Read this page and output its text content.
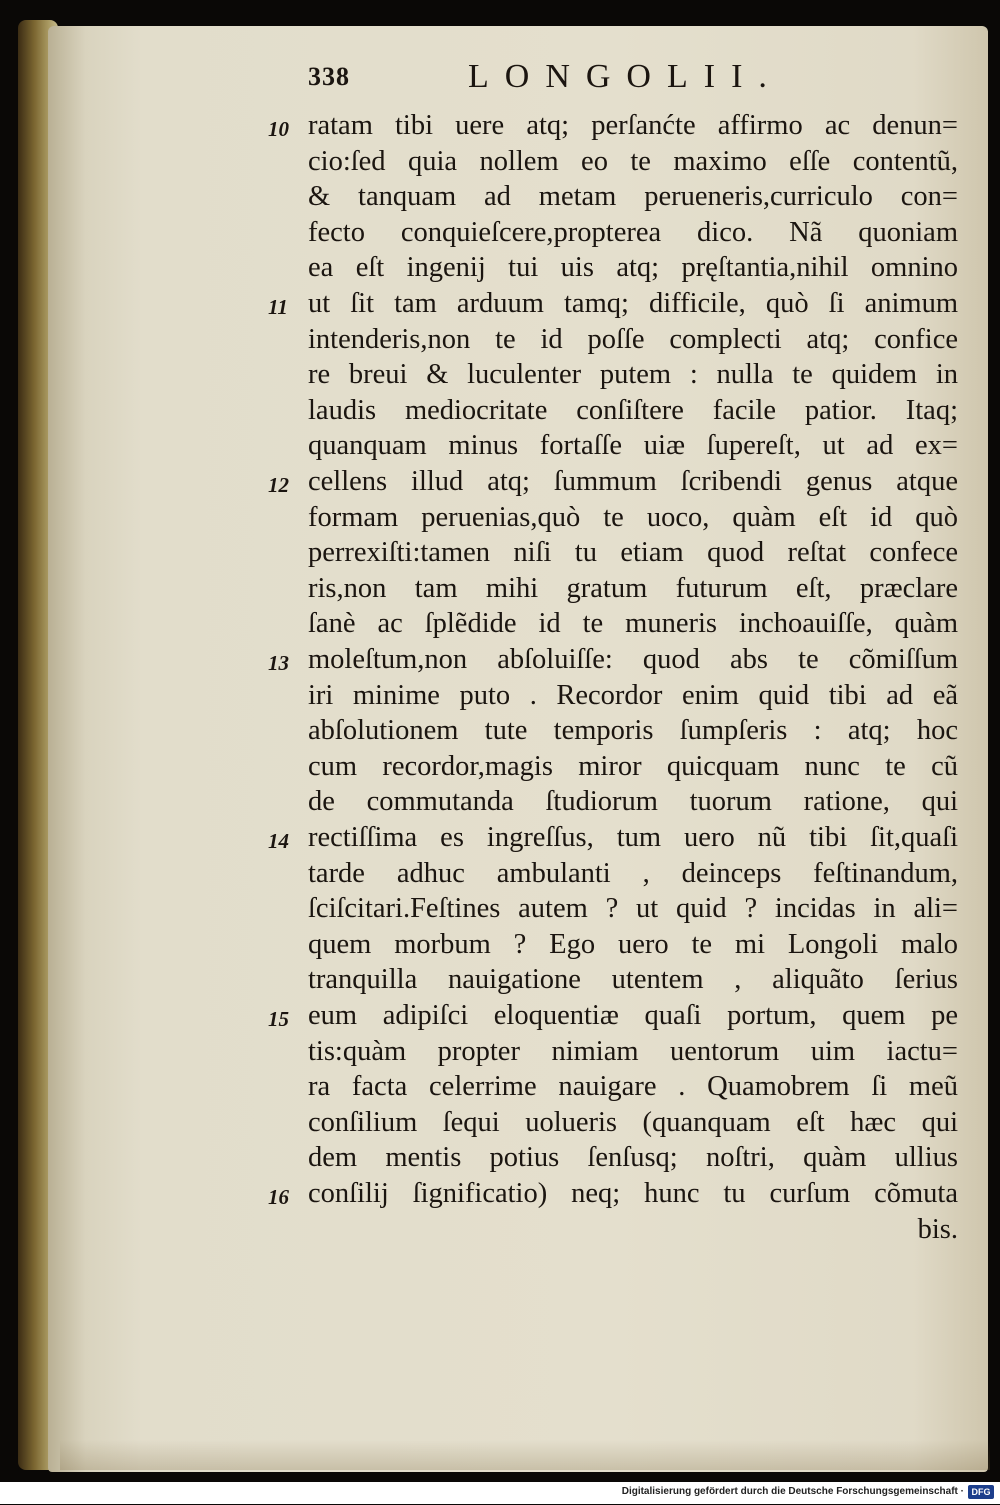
338	LONGOLII.
10 ratam tibi uere atq; perſanćte affirmo ac denun=
cio:ſed quia nollem eo te maximo eſſe contentũ,
& tanquam ad metam perueneris,curriculo con=
fecto conquieſcere,propterea dico. Nã quoniam
ea eſt ingenij tui uis atq; pręſtantia,nihil omnino
11 ut ſit tam arduum tamq; difficile, quò ſi animum
intenderis,non te id poſſe complecti atq; confice
re breui & luculenter putem : nulla te quidem in
laudis mediocritate conſiſtere facile patior. Itaq;
quanquam minus fortaſſe uiæ ſupereſt, ut ad ex=
12 cellens illud atq; ſummum ſcribendi genus atque
formam peruenias,quò te uoco, quàm eſt id quò
perrexiſti:tamen niſi tu etiam quod reſtat confece
ris,non tam mihi gratum futurum eſt, præclare
ſanè ac ſplẽdide id te muneris inchoauiſſe, quàm
13 moleſtum,non abſoluiſſe: quod abs te cõmiſſum
iri minime puto . Recordor enim quid tibi ad eã
abſolutionem tute temporis ſumpſeris : atq; hoc
cum recordor,magis miror quicquam nunc te cũ
de commutanda ſtudiorum tuorum ratione, qui
14 rectiſſima es ingreſſus, tum uero nũ tibi ſit,quaſi
tarde adhuc ambulanti , deinceps feſtinandum,
ſciſcitari.Feſtines autem ? ut quid ? incidas in ali=
quem morbum ? Ego uero te mi Longoli malo
tranquilla nauigatione utentem , aliquãto ſerius
15 eum adipiſci eloquentiæ quaſi portum, quem pe
tis:quàm propter nimiam uentorum uim iactu=
ra facta celerrime nauigare . Quamobrem ſi meũ
conſilium ſequi uolueris (quanquam eſt hæc qui
dem mentis potius ſenſusq; noſtri, quàm ullius
16 conſilij ſignificatio) neq; hunc tu curſum cõmuta
bis.
Digitalisierung gefördert durch die Deutsche Forschungsgemeinschaft · DFG
